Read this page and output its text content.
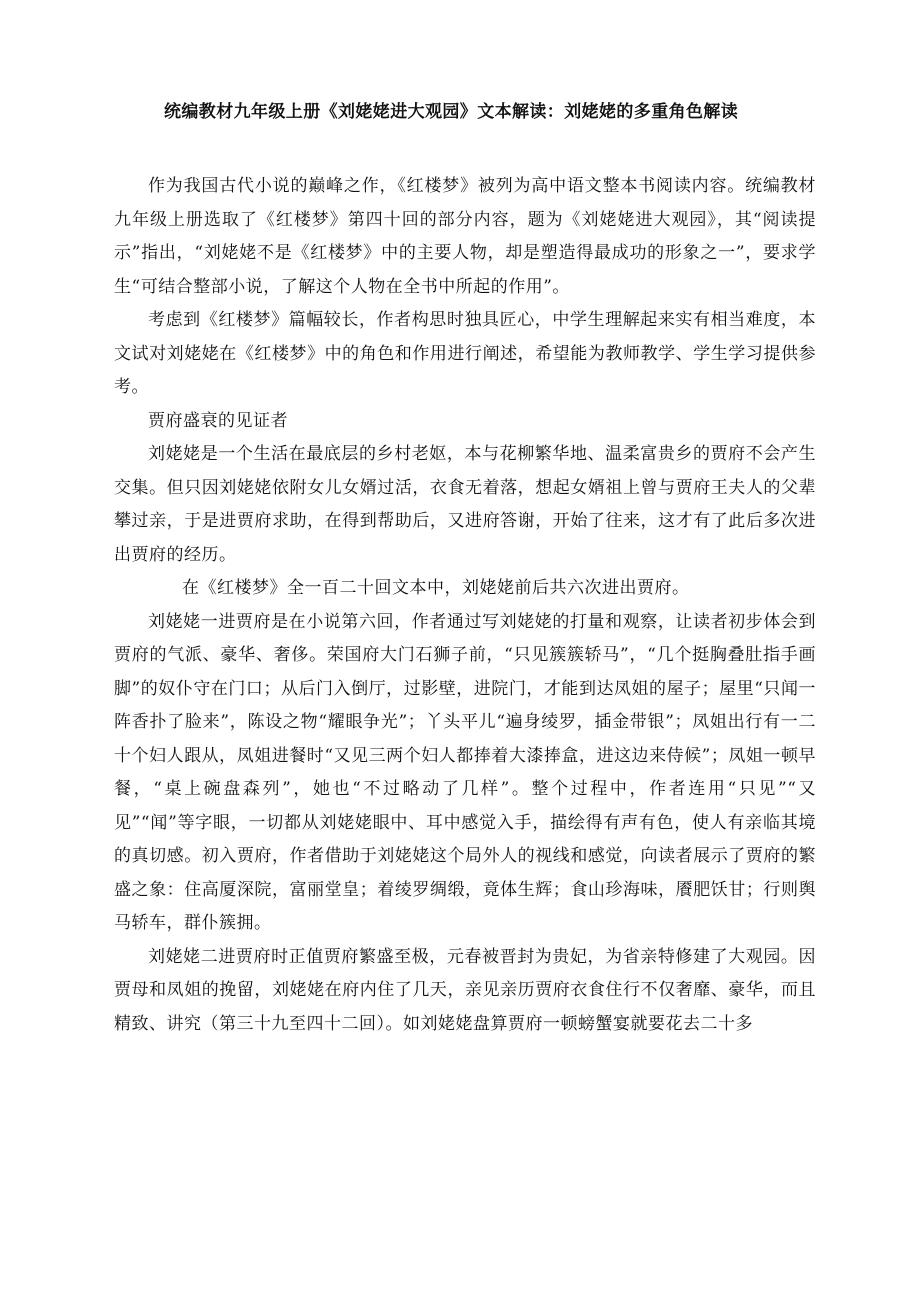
统编教材九年级上册《刘姥姥进大观园》文本解读：刘姥姥的多重角色解读

作为我国古代小说的巅峰之作，《红楼梦》被列为高中语文整本书阅读内容。统编教材九年级上册选取了《红楼梦》第四十回的部分内容，题为《刘姥姥进大观园》，其“阅读提示”指出，“刘姥姥不是《红楼梦》中的主要人物，却是塑造得最成功的形象之一”，要求学生“可结合整部小说，了解这个人物在全书中所起的作用”。

考虑到《红楼梦》篇幅较长，作者构思时独具匠心，中学生理解起来实有相当难度，本文试对刘姥姥在《红楼梦》中的角色和作用进行阐述，希望能为教师教学、学生学习提供参考。

贾府盛衰的见证者

刘姥姥是一个生活在最底层的乡村老妪，本与花柳繁华地、温柔富贵乡的贾府不会产生交集。但只因刘姥姥依附女儿女婿过活，衣食无着落，想起女婿祖上曾与贾府王夫人的父辈攀过亲，于是进贾府求助，在得到帮助后，又进府答谢，开始了往来，这才有了此后多次进出贾府的经历。

在《红楼梦》全一百二十回文本中，刘姥姥前后共六次进出贾府。

刘姥姥一进贾府是在小说第六回，作者通过写刘姥姥的打量和观察，让读者初步体会到贾府的气派、豪华、奢侈。荣国府大门石狮子前，“只见簇簇轿马”，“几个挺胸叠肚指手画脚”的奴仆守在门口；从后门入倒厅，过影壁，进院门，才能到达凤姐的屋子；屋里“只闻一阵香扑了脸来”，陈设之物“耀眼争光”；丫头平儿“遍身绫罗，插金带银”；凤姐出行有一二十个妇人跟从，凤姐进餐时“又见三两个妇人都捧着大漆捧盒，进这边来侍候”；凤姐一顿早餐，“桌上碗盘森列”，她也“不过略动了几样”。整个过程中，作者连用“只见”“又见”“闻”等字眼，一切都从刘姥姥眼中、耳中感觉入手，描绘得有声有色，使人有亲临其境的真切感。初入贾府，作者借助于刘姥姥这个局外人的视线和感觉，向读者展示了贾府的繁盛之象：住高厦深院，富丽堂皇；着绫罗绸缎，竟体生辉；食山珍海味，餍肥饫甘；行则舆马轿车，群仆簇拥。

刘姥姥二进贾府时正值贾府繁盛至极，元春被晋封为贵妃，为省亲特修建了大观园。因贾母和凤姐的挽留，刘姥姥在府内住了几天，亲见亲历贾府衣食住行不仅奢靡、豪华，而且精致、讲究（第三十九至四十二回）。如刘姥姥盘算贾府一顿螃蟹宴就要花去二十多
